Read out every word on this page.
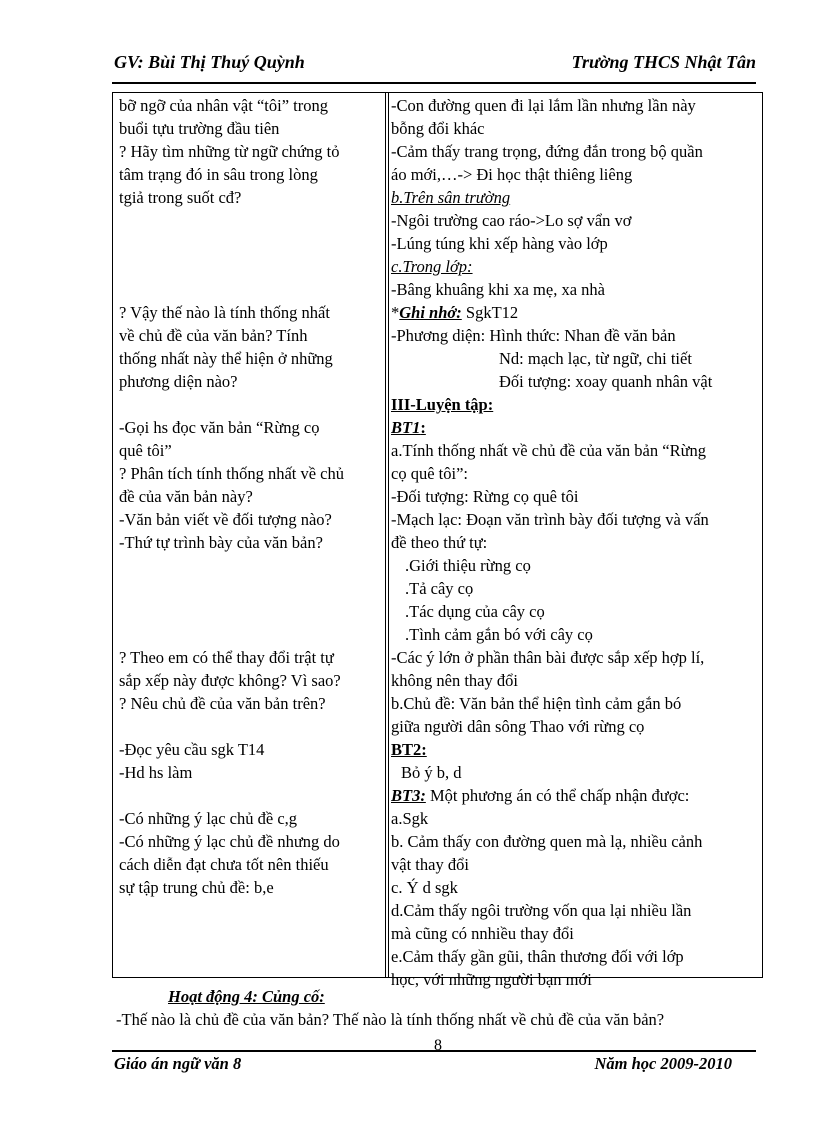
GV: Bùi Thị Thuý Quỳnh	Trường THCS Nhật Tân
bỡ ngỡ của nhân vật “tôi” trong
buổi tựu trường đầu tiên
? Hãy tìm những từ ngữ chứng tỏ
tâm trạng đó in sâu trong lòng
tgiả trong suốt cđ?
? Vậy thế nào là tính thống nhất
về chủ đề của văn bản? Tính
thống nhất này thể hiện ở những
phương diện nào?
-Gọi hs đọc văn bản “Rừng cọ
quê tôi”
? Phân tích tính thống nhất về chủ
đề của văn bản này?
-Văn bản viết về đối tượng nào?
-Thứ tự trình bày của văn bản?
? Theo em có thể thay đổi trật tự
sắp xếp này được không? Vì sao?
? Nêu chủ đề của văn bản trên?
-Đọc yêu cầu sgk T14
-Hd hs làm
-Có những ý lạc chủ đề c,g
-Có những ý lạc chủ đề nhưng do
cách diễn đạt chưa tốt nên thiếu
sự tập trung chủ đề: b,e
-Con đường quen đi lại lắm lần nhưng lần này
bỗng đổi khác
-Cảm thấy trang trọng, đứng đắn trong bộ quần
áo mới,…-> Đi học thật thiêng liêng
b.Trên sân trường
-Ngôi trường cao ráo->Lo sợ vẩn vơ
-Lúng túng khi xếp hàng vào lớp
c.Trong lớp:
-Bâng khuâng khi xa mẹ, xa nhà
*Ghi nhớ: SgkT12
-Phương diện: Hình thức: Nhan đề văn bản
Nd: mạch lạc, từ ngữ, chi tiết
Đối tượng: xoay quanh nhân vật
III-Luyện tập:
BT1:
a.Tính thống nhất về chủ đề của văn bản “Rừng
cọ quê tôi”:
-Đối tượng: Rừng cọ quê tôi
-Mạch lạc: Đoạn văn trình bày đối tượng và vấn
đề theo thứ tự:
.Giới thiệu rừng cọ
.Tả cây cọ
.Tác dụng của cây cọ
.Tình cảm gắn bó với cây cọ
-Các ý lớn ở phần thân bài được sắp xếp hợp lí,
không nên thay đổi
b.Chủ đề: Văn bản thể hiện tình cảm gắn bó
giữa người dân sông Thao với rừng cọ
BT2:
Bỏ ý b, d
BT3: Một phương án có thể chấp nhận được:
a.Sgk
b. Cảm thấy con đường quen mà lạ, nhiều cảnh
vật thay đổi
c. Ý d sgk
d.Cảm thấy ngôi trường vốn qua lại nhiều lần
mà cũng có nnhiều thay đổi
e.Cảm thấy gần gũi, thân thương đối với lớp
học, với những người bạn mới
Hoạt động 4: Củng cố:
-Thế nào là chủ đề của văn bản? Thế nào là tính thống nhất về chủ đề của văn bản?
8
Giáo án ngữ văn 8	Năm học 2009-2010
